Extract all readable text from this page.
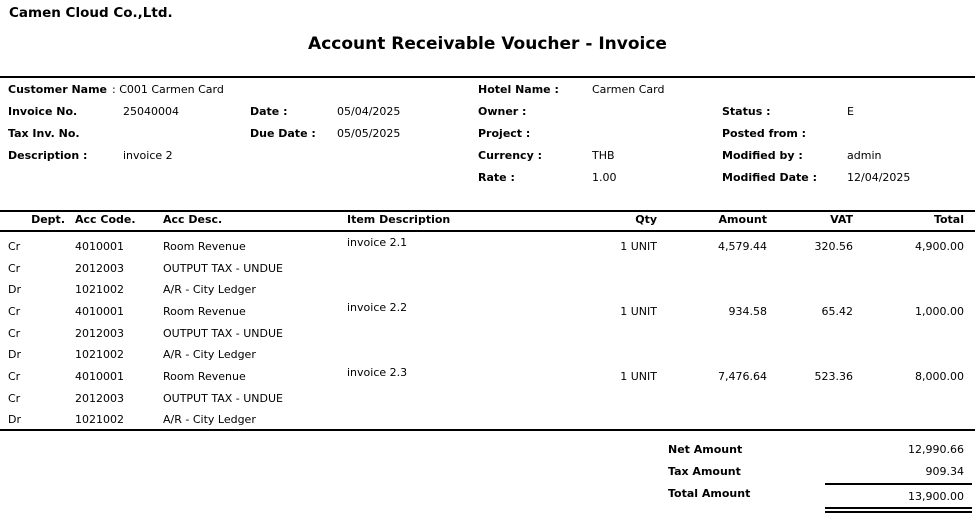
Camen Cloud Co.,Ltd.
Account Receivable Voucher - Invoice
Customer Name : C001 Carmen Card	Hotel Name :	Carmen Card
Invoice No.	25040004	Date :	05/04/2025	Owner :	Status :	E
Tax Inv. No.	Due Date : 05/05/2025	Project :	Posted from :
Description :	invoice 2	Currency :	THB	Modified by :	admin
Rate :	1.00	Modified Date :	12/04/2025
Dept. Acc Code.	Acc Desc.	Item Description	Qty	Amount	VAT	Total
Cr	4010001	Room Revenue	invoice 2.1	1 UNIT	4,579.44	320.56	4,900.00
Cr	2012003	OUTPUT TAX - UNDUE
Dr	1021002	A/R - City Ledger
Cr	4010001	Room Revenue	invoice 2.2	1 UNIT	934.58	65.42	1,000.00
Cr	2012003	OUTPUT TAX - UNDUE
Dr	1021002	A/R - City Ledger
Cr	4010001	Room Revenue	invoice 2.3	1 UNIT	7,476.64	523.36	8,000.00
Cr	2012003	OUTPUT TAX - UNDUE
Dr	1021002	A/R - City Ledger
Net Amount	12,990.66
Tax Amount	909.34
Total Amount	13,900.00
